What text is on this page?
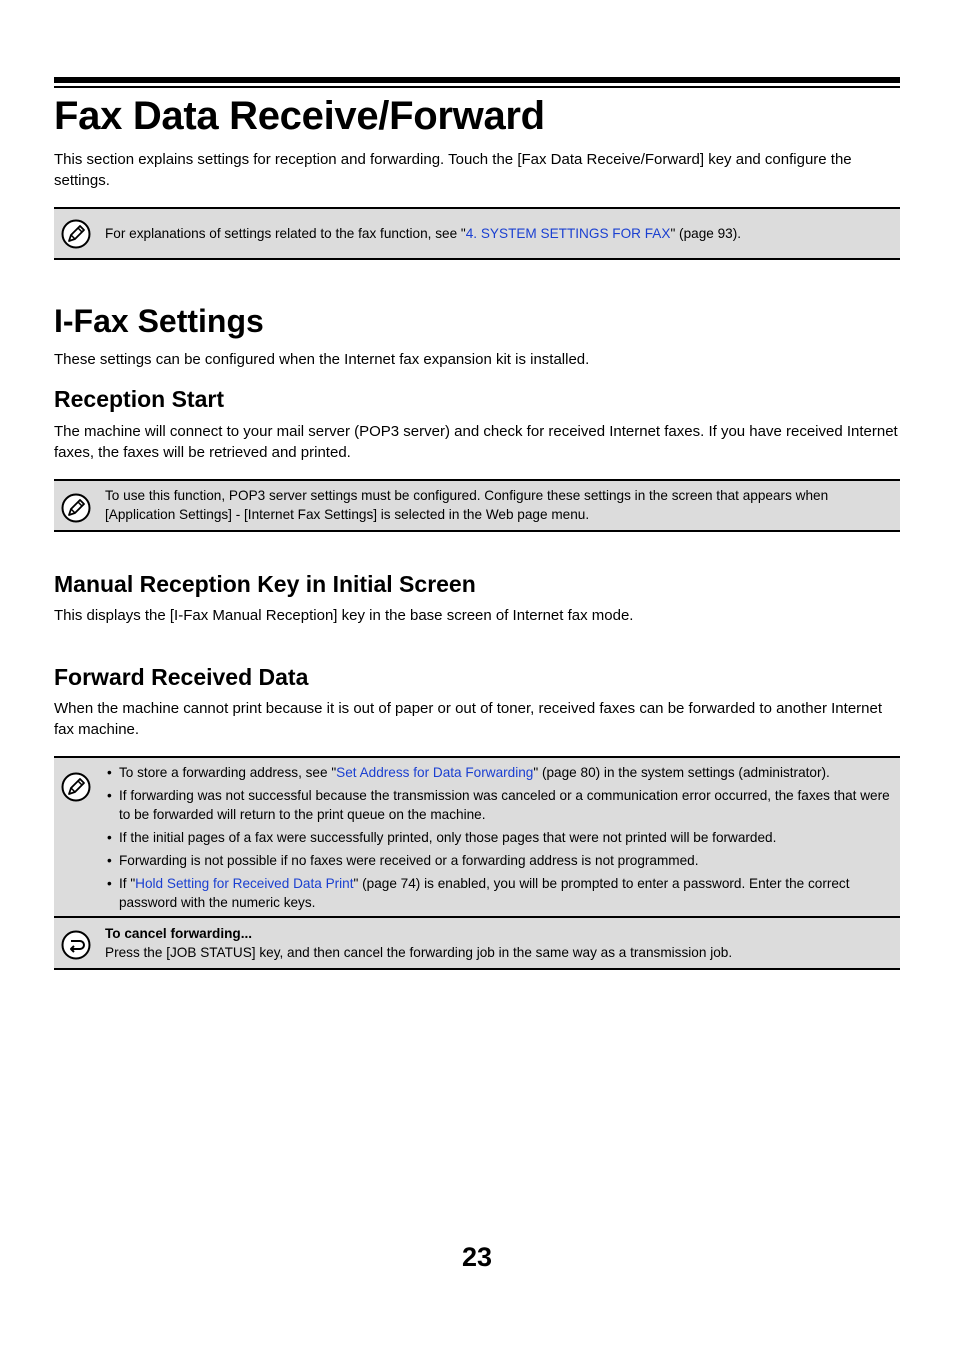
Fax Data Receive/Forward
This section explains settings for reception and forwarding. Touch the [Fax Data Receive/Forward] key and configure the settings.
For explanations of settings related to the fax function, see "4. SYSTEM SETTINGS FOR FAX" (page 93).
I-Fax Settings
These settings can be configured when the Internet fax expansion kit is installed.
Reception Start
The machine will connect to your mail server (POP3 server) and check for received Internet faxes. If you have received Internet faxes, the faxes will be retrieved and printed.
To use this function, POP3 server settings must be configured. Configure these settings in the screen that appears when [Application Settings] - [Internet Fax Settings] is selected in the Web page menu.
Manual Reception Key in Initial Screen
This displays the [I-Fax Manual Reception] key in the base screen of Internet fax mode.
Forward Received Data
When the machine cannot print because it is out of paper or out of toner, received faxes can be forwarded to another Internet fax machine.
• To store a forwarding address, see "Set Address for Data Forwarding" (page 80) in the system settings (administrator).
• If forwarding was not successful because the transmission was canceled or a communication error occurred, the faxes that were to be forwarded will return to the print queue on the machine.
• If the initial pages of a fax were successfully printed, only those pages that were not printed will be forwarded.
• Forwarding is not possible if no faxes were received or a forwarding address is not programmed.
• If "Hold Setting for Received Data Print" (page 74) is enabled, you will be prompted to enter a password. Enter the correct password with the numeric keys.
To cancel forwarding...
Press the [JOB STATUS] key, and then cancel the forwarding job in the same way as a transmission job.
23
